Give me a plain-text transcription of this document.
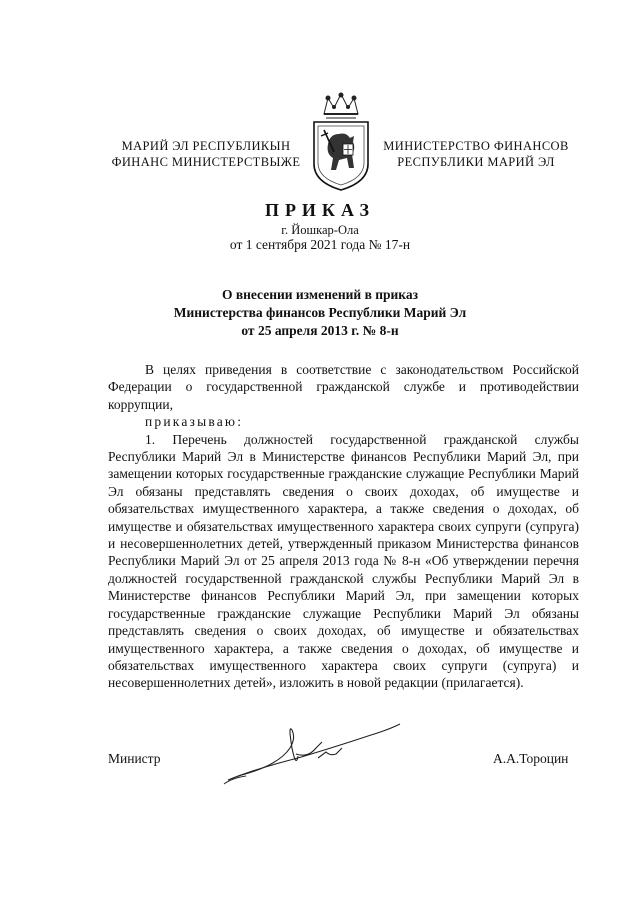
МАРИЙ ЭЛ РЕСПУБЛИКЫН
ФИНАНС МИНИСТЕРСТВЫЖЕ
МИНИСТЕРСТВО ФИНАНСОВ
РЕСПУБЛИКИ МАРИЙ ЭЛ
ПРИКАЗ
г. Йошкар-Ола
от 1 сентября 2021 года № 17-н
О внесении изменений в приказ
Министерства финансов Республики Марий Эл
от 25 апреля 2013 г. № 8-н

В целях приведения в соответствие с законодательством Российской Федерации о государственной гражданской службе и противодействии коррупции,

приказываю:

1. Перечень должностей государственной гражданской службы Республики Марий Эл в Министерстве финансов Республики Марий Эл, при замещении которых государственные гражданские служащие Республики Марий Эл обязаны представлять сведения о своих доходах, об имуществе и обязательствах имущественного характера, а также сведения о доходах, об имуществе и обязательствах имущественного характера своих супруги (супруга) и несовершеннолетних детей, утвержденный приказом Министерства финансов Республики Марий Эл от 25 апреля 2013 года № 8-н «Об утверждении перечня должностей государственной гражданской службы Республики Марий Эл в Министерстве финансов Республики Марий Эл, при замещении которых государственные гражданские служащие Республики Марий Эл обязаны представлять сведения о своих доходах, об имуществе и обязательствах имущественного характера, а также сведения о доходах, об имуществе и обязательствах имущественного характера своих супруги (супруга) и несовершеннолетних детей», изложить в новой редакции (прилагается).

Министр	А.А.Тороцин
